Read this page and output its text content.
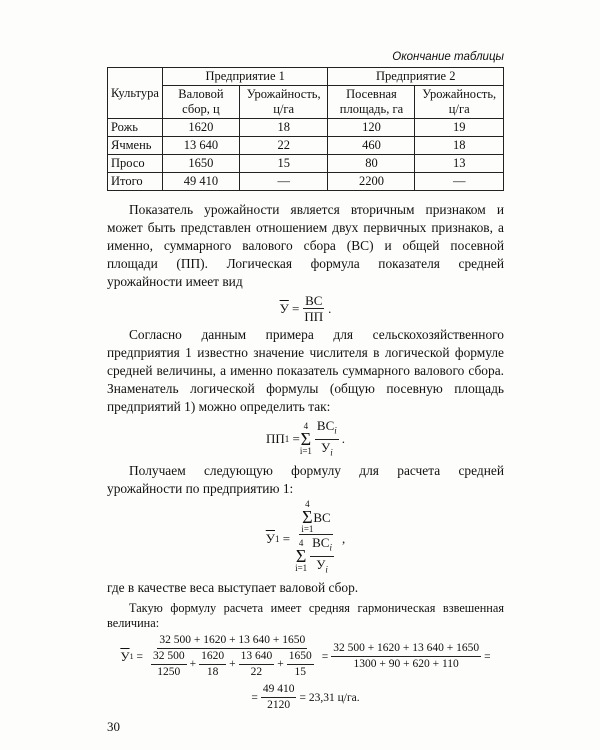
Окончание таблицы
Культура	Предприятие 1		Предприятие 2	
	Валовой сбор, ц	Урожайность, ц/га	Посевная площадь, га	Урожайность, ц/га
Рожь	1620	18	120	19
Ячмень	13 640	22	460	18
Просо	1650	15	80	13
Итого	49 410	—	2200	—

Показатель урожайности является вторичным признаком и может быть представлен отношением двух первичных признаков, а именно, суммарного валового сбора (ВС) и общей посевной площади (ПП). Логическая формула показателя средней урожайности имеет вид

У
= $\frac{ВС}{ПП}$ .

Согласно данным примера для сельскохозяйственного предприятия 1 известно значение числителя в логической формуле средней величины, а именно показатель суммарного валового сбора. Знаменатель логической формулы (общую посевную площадь предприятий 1) можно определить так:

ПП 1
=
4
Σ
$i=1 \frac{BC_i}{У_i}$ .

Получаем следующую формулу для расчета средней урожайности по предприятию 1:

У 1
= 4
Σ
i=1
ВС
4
Σ
$i=1 \frac{ВС_i}{У_i}$ ,

где в качестве веса выступает валовой сбор.

Такую формулу расчета имеет средняя гармоническая взвешенная величина:

У 1
= $\frac{32 500 + 1620 + 13 640 + 1650}{\frac{32 500}{1250} + \frac{1620}{18} + \frac{13 640}{22} + \frac{1650}{15}} = \frac{32 500 + 1620 + 13 640 + 1650}{1300 + 90 + 620 + 110}$ =
= $\frac{49 410}{2120} = 23,31$ ц/га.
30
